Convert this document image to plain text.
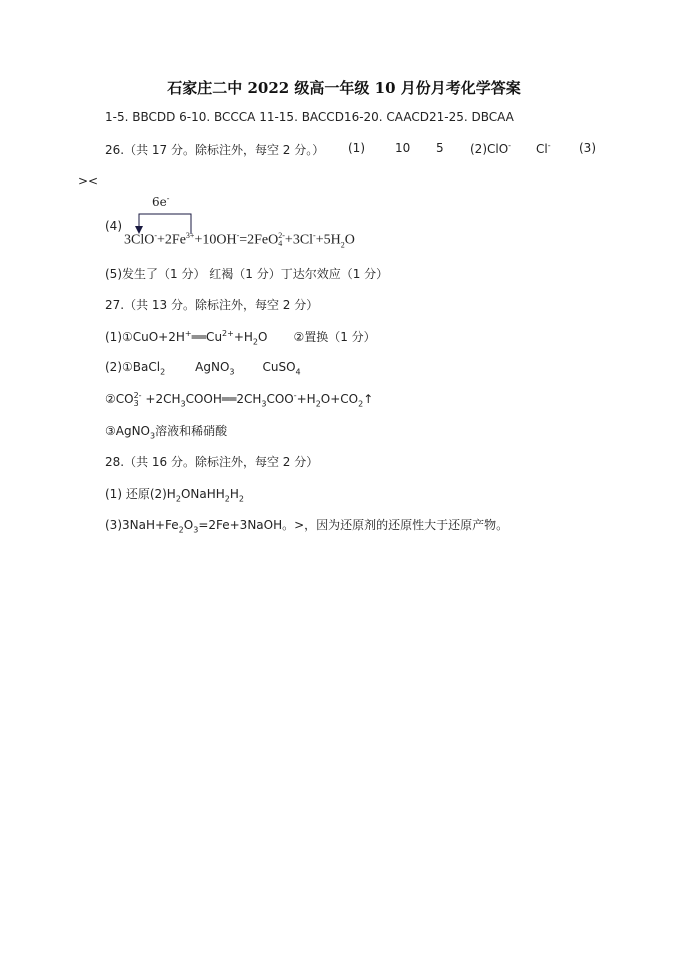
石家庄二中 2022 级高一年级 10 月份月考化学答案
1-5. BBCDD 6-10. BCCCA 11-15. BACCD16-20. CAACD21-25. DBCAA
26.（共 17 分。除标注外，每空 2 分。） (1)	10 5 (2)ClO- Cl- (3)
><
(4)
6e-
$3ClO^-+2Fe^{3+}+10OH^-=2FeO$ 2-
$4 +3Cl^-+5H_2O$
(5)发生了（1 分） 红褐（1 分）丁达尔效应（1 分）
27.（共 13 分。除标注外，每空 2 分）
$(1)①CuO+2H^+══Cu^{2+}+H_2O$ ②置换（1 分）
(2)①BaCl$_2$	AgNO$_3$ CuSO$_4$
②CO 2-
$3 +2CH_3COOH══2CH_3COO^-+H_2O+CO_2↑$
③AgNO$_3$溶液和稀硝酸
28.（共 16 分。除标注外，每空 2 分）
(1) 还原$(2)H_2ONaHH_2H_2$
$(3)3NaH+Fe_2O_3=2Fe+3NaOH$。>，因为还原剂的还原性大于还原产物。
